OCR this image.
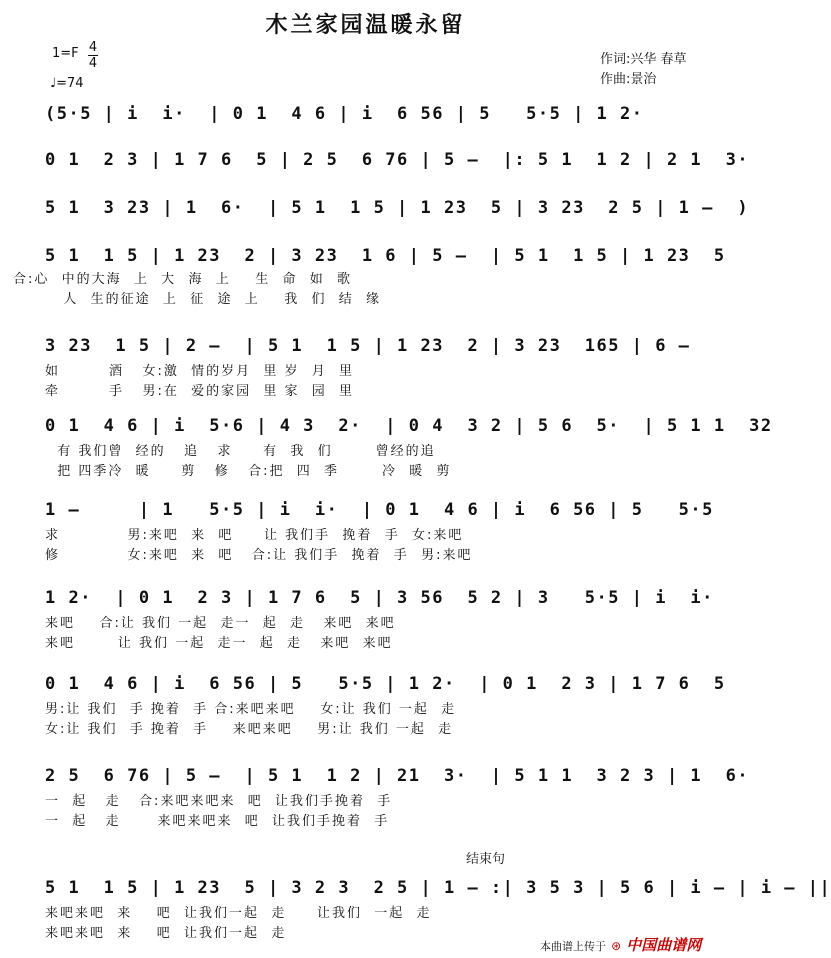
木兰家园温暖永留
1=F 4
4
♩=74
作词:兴华 春草
作曲:景治
(5·5 | i  i·  | 0 1  4 6 | i  6 56 | 5   5·5 | 1 2·
0 1  2 3 | 1 7 6  5 | 2 5  6 76 | 5 –  |: 5 1  1 2 | 2 1  3·
5 1  3 23 | 1  6·  | 5 1  1 5 | 1 23  5 | 3 23  2 5 | 1 –  )
5 1  1 5 | 1 23  2 | 3 23  1 6 | 5 –  | 5 1  1 5 | 1 23  5
合:心  中的大海  上  大  海  上    生  命  如  歌
人  生的征途  上  征  途  上    我  们  结  缘
3 23  1 5 | 2 –  | 5 1  1 5 | 1 23  2 | 3 23  165 | 6 –
如        酒   女:激  情的岁月  里 岁  月  里
牵        手   男:在  爱的家园  里 家  园  里
0 1  4 6 | i  5·6 | 4 3  2·  | 0 4  3 2 | 5 6  5·  | 5 1 1  32
有 我们曾  经的   追   求     有  我  们       曾经的追
把 四季冷  暖     剪   修   合:把  四  季       冷  暖  剪
1 –     | 1   5·5 | i  i·  | 0 1  4 6 | i  6 56 | 5   5·5
求           男:来吧  来  吧     让 我们手  挽着  手  女:来吧
修           女:来吧  来  吧   合:让 我们手  挽着  手  男:来吧
1 2·  | 0 1  2 3 | 1 7 6  5 | 3 56  5 2 | 3   5·5 | i  i·
来吧    合:让 我们 一起  走一  起  走   来吧  来吧
来吧       让 我们 一起  走一  起  走   来吧  来吧
0 1  4 6 | i  6 56 | 5   5·5 | 1 2·  | 0 1  2 3 | 1 7 6  5
男:让 我们  手 挽着  手 合:来吧来吧    女:让 我们 一起  走
女:让 我们  手 挽着  手    来吧来吧    男:让 我们 一起  走
2 5  6 76 | 5 –  | 5 1  1 2 | 21  3·  | 5 1 1  3 2 3 | 1  6·
一  起   走   合:来吧来吧来  吧  让我们手挽着  手
一  起   走      来吧来吧来  吧  让我们手挽着  手
结束句
5 1  1 5 | 1 23  5 | 3 2 3  2 5 | 1 – :| 3 5 3 | 5 6 | i – | i – ||
来吧来吧  来    吧  让我们一起  走     让我们  一起  走
来吧来吧  来    吧  让我们一起  走
本曲谱上传于 ⊛ 中国曲谱网
